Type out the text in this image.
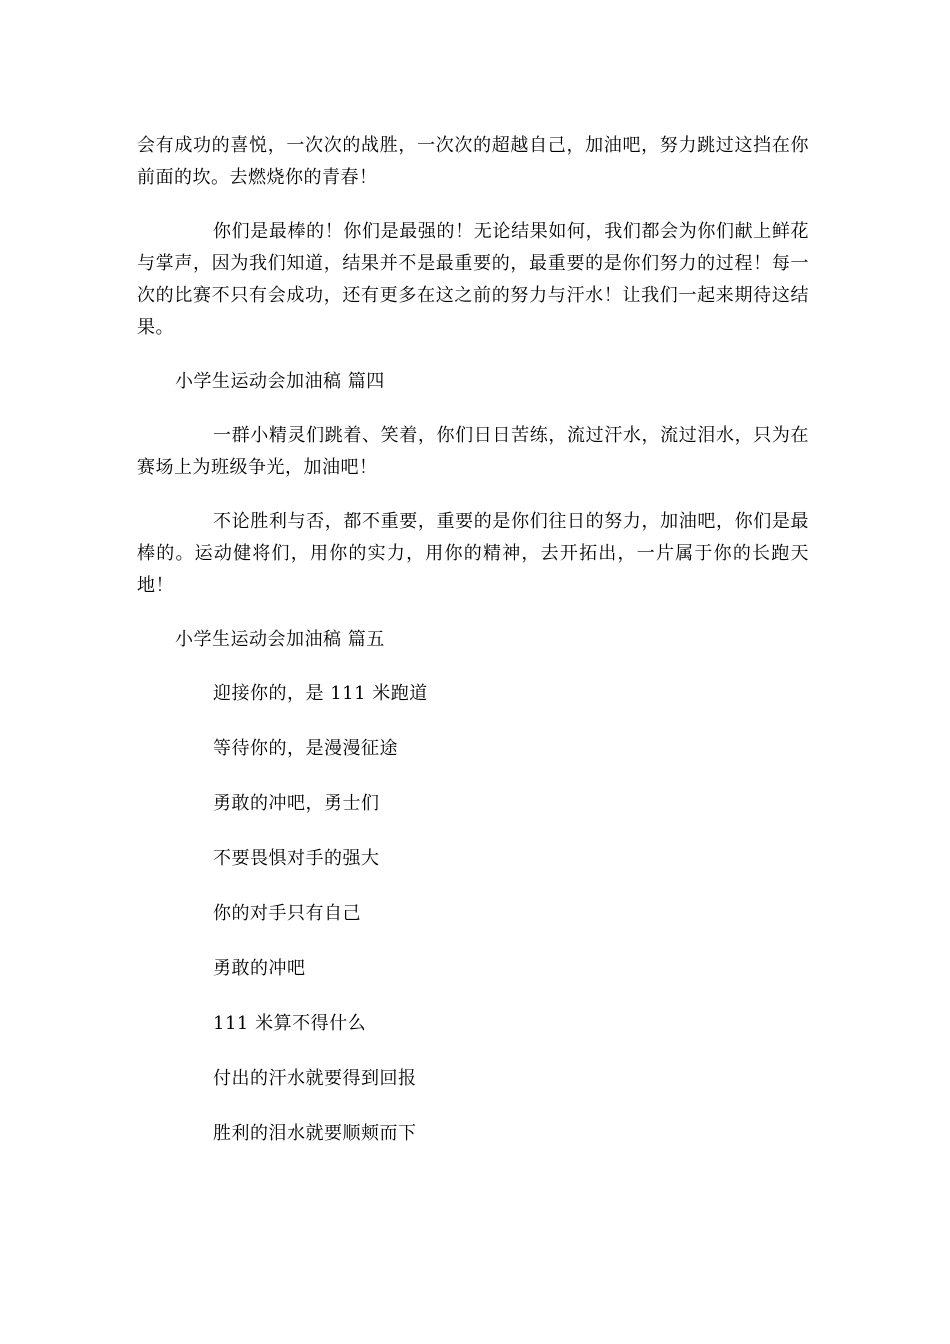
会有成功的喜悦，一次次的战胜，一次次的超越自己，加油吧，努力跳过这挡在你前面的坎。去燃烧你的青春！

你们是最棒的！你们是最强的！无论结果如何，我们都会为你们献上鲜花与掌声，因为我们知道，结果并不是最重要的，最重要的是你们努力的过程！每一次的比赛不只有会成功，还有更多在这之前的努力与汗水！让我们一起来期待这结果。

小学生运动会加油稿 篇四

一群小精灵们跳着、笑着，你们日日苦练，流过汗水，流过泪水，只为在赛场上为班级争光，加油吧！

不论胜利与否，都不重要，重要的是你们往日的努力，加油吧，你们是最棒的。运动健将们，用你的实力，用你的精神，去开拓出，一片属于你的长跑天地！

小学生运动会加油稿 篇五

迎接你的，是 111 米跑道

等待你的，是漫漫征途

勇敢的冲吧，勇士们

不要畏惧对手的强大

你的对手只有自己

勇敢的冲吧

111 米算不得什么

付出的汗水就要得到回报

胜利的泪水就要顺颊而下
